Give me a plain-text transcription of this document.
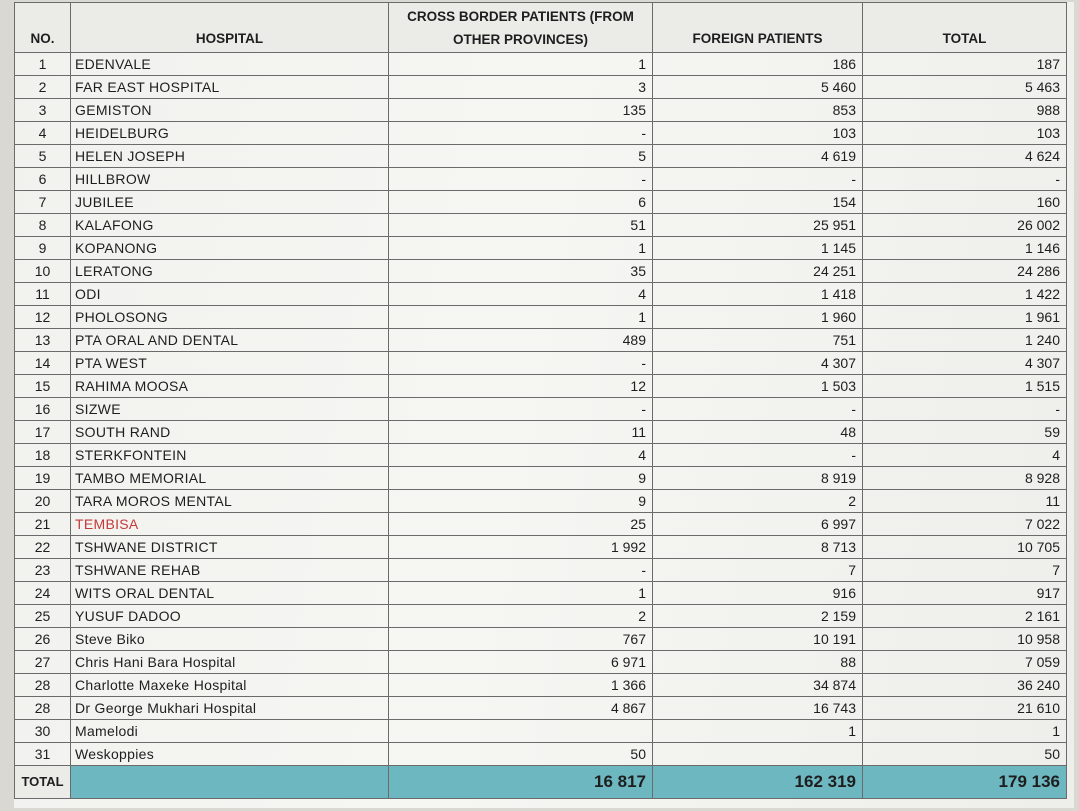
NO.	HOSPITAL	CROSS BORDER PATIENTS (FROM
OTHER PROVINCES)	FOREIGN PATIENTS	TOTAL
1	EDENVALE	1	186	187
2	FAR EAST HOSPITAL	3	5 460	5 463
3	GEMISTON	135	853	988
4	HEIDELBURG	-	103	103
5	HELEN JOSEPH	5	4 619	4 624
6	HILLBROW	-	-	-
7	JUBILEE	6	154	160
8	KALAFONG	51	25 951	26 002
9	KOPANONG	1	1 145	1 146
10	LERATONG	35	24 251	24 286
11	ODI	4	1 418	1 422
12	PHOLOSONG	1	1 960	1 961
13	PTA ORAL AND DENTAL	489	751	1 240
14	PTA WEST	-	4 307	4 307
15	RAHIMA MOOSA	12	1 503	1 515
16	SIZWE	-	-	-
17	SOUTH RAND	11	48	59
18	STERKFONTEIN	4	-	4
19	TAMBO MEMORIAL	9	8 919	8 928
20	TARA MOROS MENTAL	9	2	11
21	TEMBISA	25	6 997	7 022
22	TSHWANE DISTRICT	1 992	8 713	10 705
23	TSHWANE REHAB	-	7	7
24	WITS ORAL DENTAL	1	916	917
25	YUSUF DADOO	2	2 159	2 161
26	Steve Biko	767	10 191	10 958
27	Chris Hani Bara Hospital	6 971	88	7 059
28	Charlotte Maxeke Hospital	1 366	34 874	36 240
28	Dr George Mukhari Hospital	4 867	16 743	21 610
30	Mamelodi		1	1
31	Weskoppies	50		50
TOTAL		16 817	162 319	179 136
